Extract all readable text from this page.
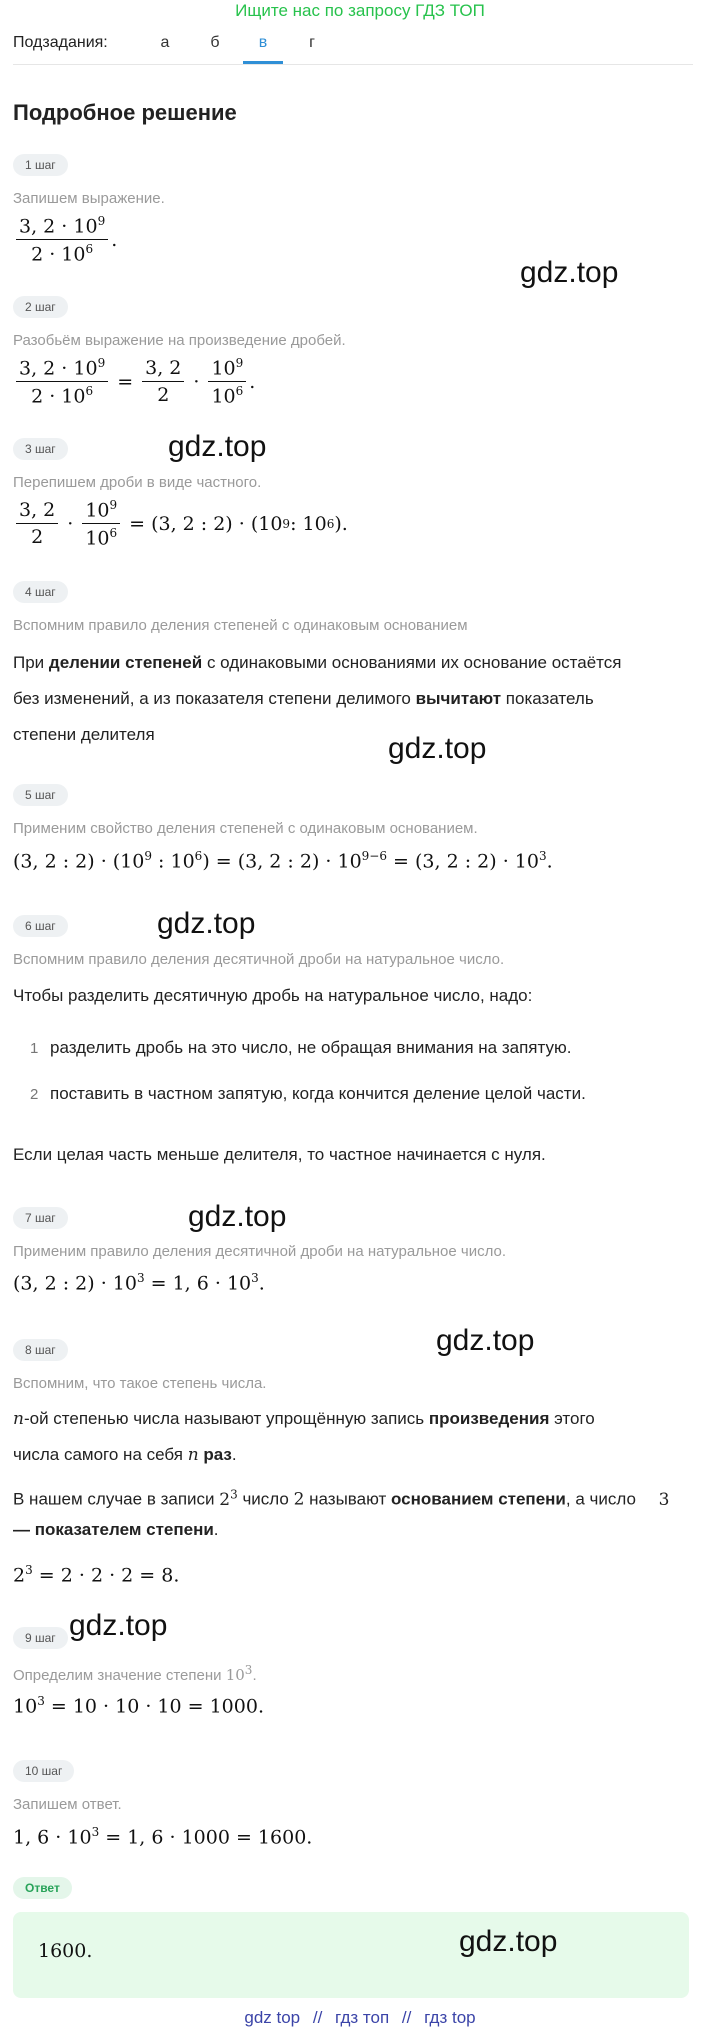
Ищите нас по запросу ГДЗ ТОП
Подзадания:	а	б	в	г
Подробное решение
1 шаг
Запишем выражение.
$\frac{3, 2 \cdot 10^9}{2 \cdot 10^6}$ .
2 шаг
Разобьём выражение на произведение дробей.
$\frac{3, 2 \cdot 10^9}{2 \cdot 10^6} = \frac{3, 2}{2} \cdot \frac{10^9}{10^6}$ .
3 шаг
Перепишем дроби в виде частного.
$\frac{3, 2}{2} \cdot \frac{10^9}{10^6} = (3$, 2 : 2) · (10 9 : 10 6 ).
4 шаг
Вспомним правило деления степеней с одинаковым основанием
При делении степеней с одинаковыми основаниями их основание остаётся
без изменений, а из показателя степени делимого вычитают показатель
степени делителя
5 шаг
Применим свойство деления степеней с одинаковым основанием.
(3, 2 : $2) \cdot (10^9$ : $10^6) = (3$, 2 : $2) \cdot 10^{9-6} = (3$, 2 : $2) \cdot 10^3$.
6 шаг
Вспомним правило деления десятичной дроби на натуральное число.
Чтобы разделить десятичную дробь на натуральное число, надо:
1 разделить дробь на это число, не обращая внимания на запятую.
2 поставить в частном запятую, когда кончится деление целой части.
Если целая часть меньше делителя, то частное начинается с нуля.
7 шаг
Применим правило деления десятичной дроби на натуральное число.
(3, 2 : $2) \cdot 10^3 = 1$, $6 \cdot 10^3$.
8 шаг
Вспомним, что такое степень числа.
n-ой степенью числа называют упрощённую запись произведения этого
числа самого на себя n раз.
В нашем случае в записи $2^3$ число 2 называют основанием степени, а число 3
— показателем степени.
$2^3 = 2 \cdot 2 \cdot 2 = 8$.
9 шаг
Определим значение степени $10^3$.
$10^3 = 10 \cdot 10 \cdot 10 = 1000$.
10 шаг
Запишем ответ.
1, $6 \cdot 10^3 = 1$, 6 · 1000 = 1600.
Ответ
1600.
gdz.top
gdz.top
gdz.top
gdz.top
gdz.top
gdz.top
gdz.top
gdz.top
gdz top // гдз топ // гдз top
